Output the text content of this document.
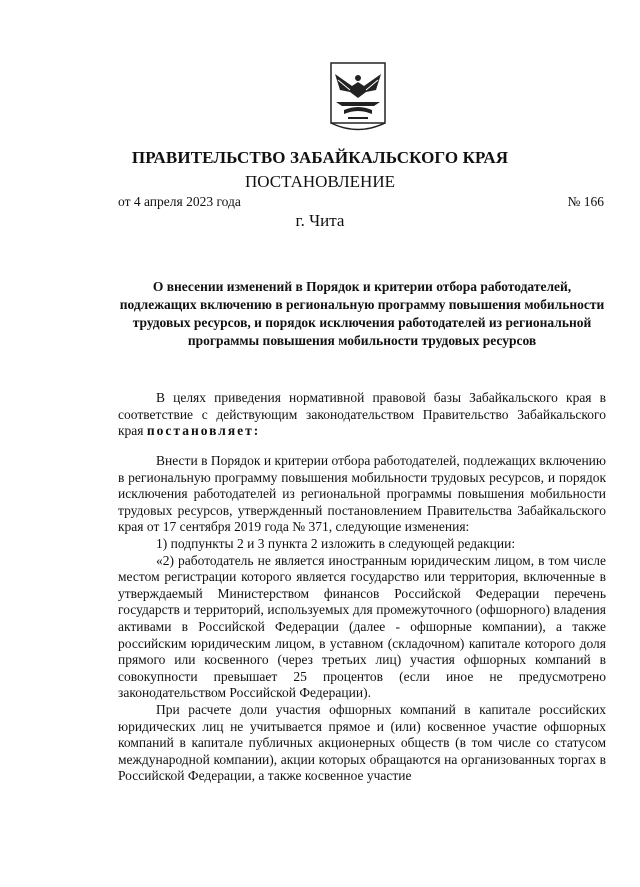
ПРАВИТЕЛЬСТВО ЗАБАЙКАЛЬСКОГО КРАЯ
ПОСТАНОВЛЕНИЕ
от 4 апреля 2023 года	№ 166
г. Чита
О внесении изменений в Порядок и критерии отбора работодателей, подлежащих включению в региональную программу повышения мобильности трудовых ресурсов, и порядок исключения работодателей из региональной программы повышения мобильности трудовых ресурсов

В целях приведения нормативной правовой базы Забайкальского края в соответствие с действующим законодательством Правительство Забайкальского края постановляет:

Внести в Порядок и критерии отбора работодателей, подлежащих включению в региональную программу повышения мобильности трудовых ресурсов, и порядок исключения работодателей из региональной программы повышения мобильности трудовых ресурсов, утвержденный постановлением Правительства Забайкальского края от 17 сентября 2019 года № 371, следующие изменения:

1) подпункты 2 и 3 пункта 2 изложить в следующей редакции:

«2) работодатель не является иностранным юридическим лицом, в том числе местом регистрации которого является государство или территория, включенные в утверждаемый Министерством финансов Российской Федерации перечень государств и территорий, используемых для промежуточного (офшорного) владения активами в Российской Федерации (далее - офшорные компании), а также российским юридическим лицом, в уставном (складочном) капитале которого доля прямого или косвенного (через третьих лиц) участия офшорных компаний в совокупности превышает 25 процентов (если иное не предусмотрено законодательством Российской Федерации).

При расчете доли участия офшорных компаний в капитале российских юридических лиц не учитывается прямое и (или) косвенное участие офшорных компаний в капитале публичных акционерных обществ (в том числе со статусом международной компании), акции которых обращаются на организованных торгах в Российской Федерации, а также косвенное участие
